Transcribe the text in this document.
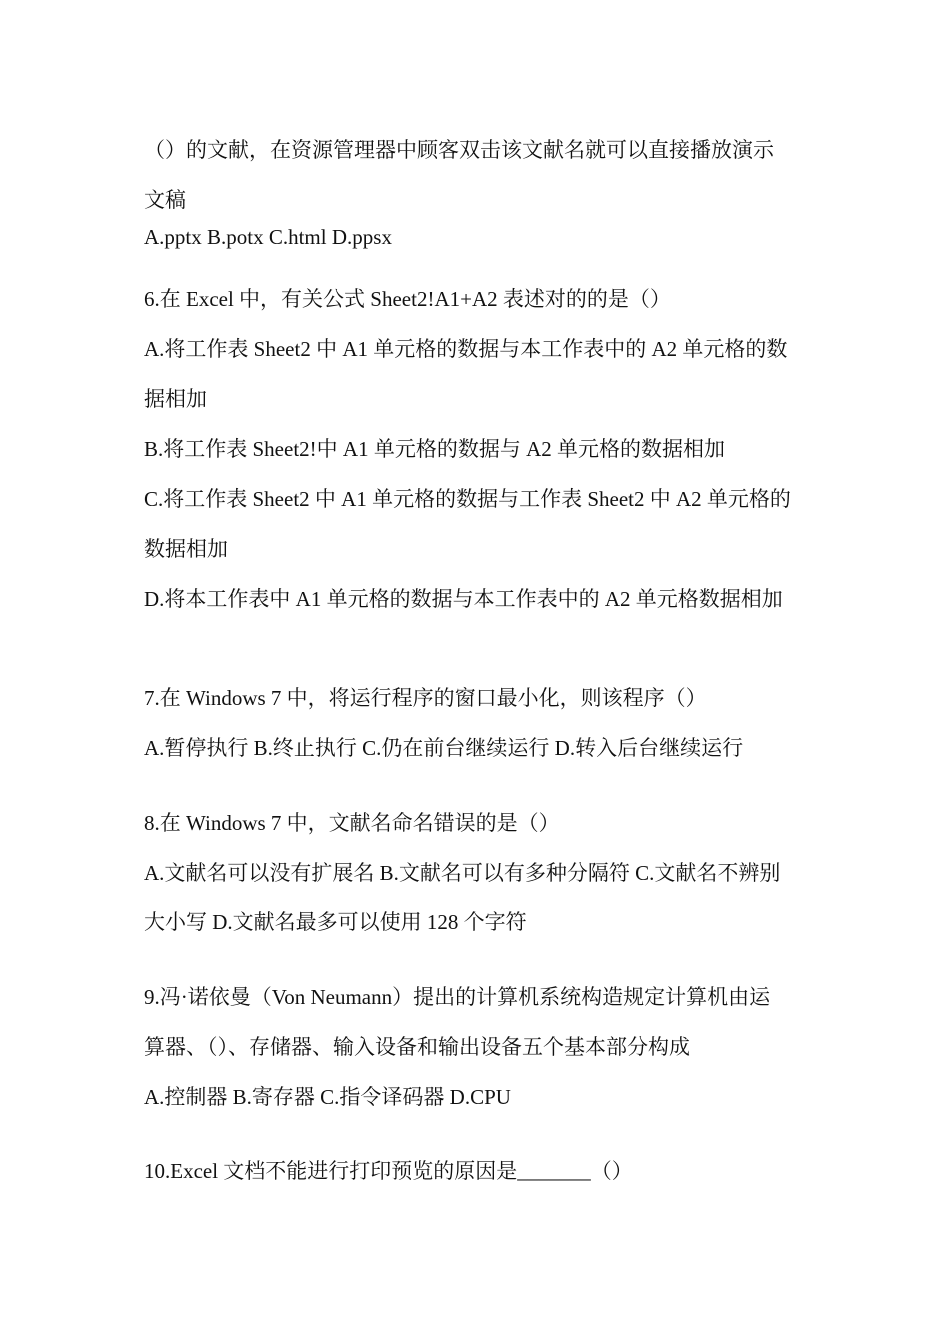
（）的文献，在资源管理器中顾客双击该文献名就可以直接播放演示
文稿
A.pptx B.potx C.html D.ppsx
6.在 Excel 中，有关公式 Sheet2!A1+A2 表述对的的是（）
A.将工作表 Sheet2 中 A1 单元格的数据与本工作表中的 A2 单元格的数
据相加
B.将工作表 Sheet2!中 A1 单元格的数据与 A2 单元格的数据相加
C.将工作表 Sheet2 中 A1 单元格的数据与工作表 Sheet2 中 A2 单元格的
数据相加
D.将本工作表中 A1 单元格的数据与本工作表中的 A2 单元格数据相加
7.在 Windows 7 中，将运行程序的窗口最小化，则该程序（）
A.暂停执行 B.终止执行 C.仍在前台继续运行 D.转入后台继续运行
8.在 Windows 7 中，文献名命名错误的是（）
A.文献名可以没有扩展名 B.文献名可以有多种分隔符 C.文献名不辨别
大小写 D.文献名最多可以使用 128 个字符
9.冯·诺依曼（Von Neumann）提出的计算机系统构造规定计算机由运
算器、（）、存储器、输入设备和输出设备五个基本部分构成
A.控制器 B.寄存器 C.指令译码器 D.CPU
10.Excel 文档不能进行打印预览的原因是_______（）
